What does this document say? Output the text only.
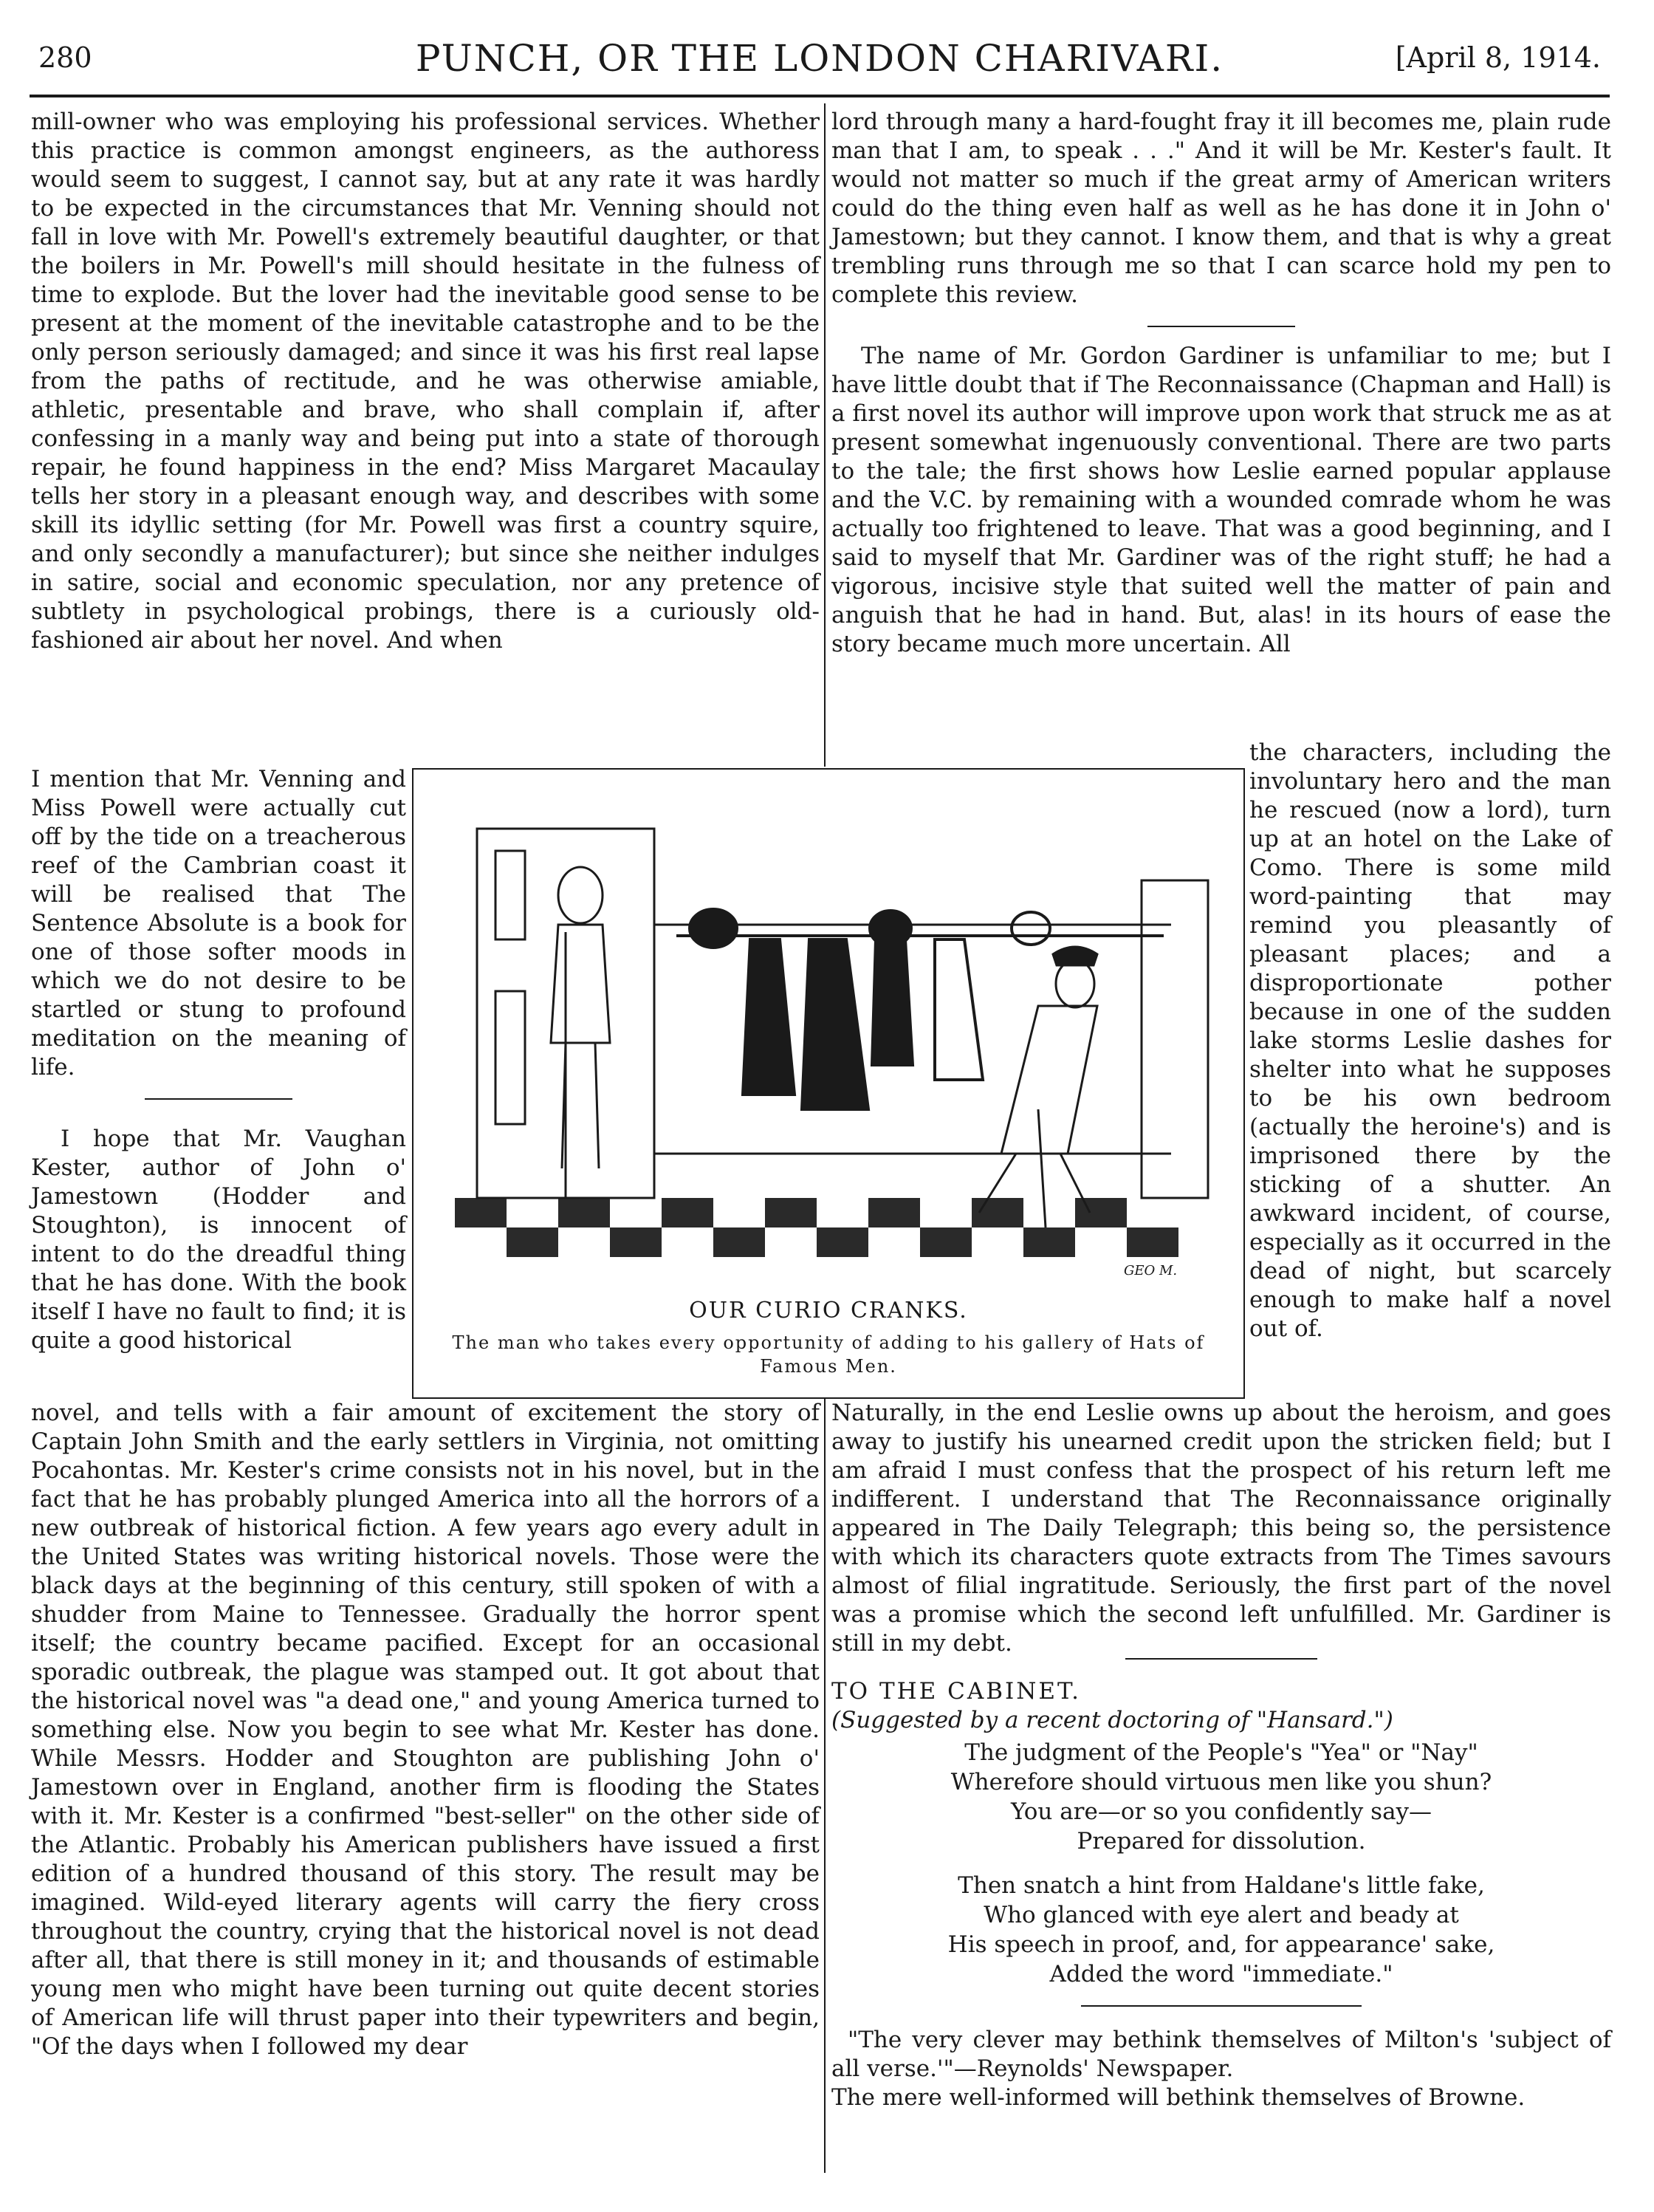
280	PUNCH, OR THE LONDON CHARIVARI.	[April 8, 1914.

mill-owner who was employing his professional services. Whether this practice is common amongst engineers, as the authoress would seem to suggest, I cannot say, but at any rate it was hardly to be expected in the circumstances that Mr. Venning should not fall in love with Mr. Powell's extremely beautiful daughter, or that the boilers in Mr. Powell's mill should hesitate in the fulness of time to explode. But the lover had the inevitable good sense to be present at the moment of the inevitable catastrophe and to be the only person seriously damaged; and since it was his first real lapse from the paths of rectitude, and he was otherwise amiable, athletic, presentable and brave, who shall complain if, after confessing in a manly way and being put into a state of thorough repair, he found happiness in the end? Miss Margaret Macaulay tells her story in a pleasant enough way, and describes with some skill its idyllic setting (for Mr. Powell was first a country squire, and only secondly a manufacturer); but since she neither indulges in satire, social and economic speculation, nor any pretence of subtlety in psychological probings, there is a curiously old-fashioned air about her novel. And when

I mention that Mr. Venning and Miss Powell were actually cut off by the tide on a treacherous reef of the Cambrian coast it will be realised that The Sentence Absolute is a book for one of those softer moods in which we do not desire to be startled or stung to profound meditation on the meaning of life.

I hope that Mr. Vaughan Kester, author of John o' Jamestown (Hodder and Stoughton), is innocent of intent to do the dreadful thing that he has done. With the book itself I have no fault to find; it is quite a good historical

novel, and tells with a fair amount of excitement the story of Captain John Smith and the early settlers in Virginia, not omitting Pocahontas. Mr. Kester's crime consists not in his novel, but in the fact that he has probably plunged America into all the horrors of a new outbreak of historical fiction. A few years ago every adult in the United States was writing historical novels. Those were the black days at the beginning of this century, still spoken of with a shudder from Maine to Tennessee. Gradually the horror spent itself; the country became pacified. Except for an occasional sporadic outbreak, the plague was stamped out. It got about that the historical novel was "a dead one," and young America turned to something else. Now you begin to see what Mr. Kester has done. While Messrs. Hodder and Stoughton are publishing John o' Jamestown over in England, another firm is flooding the States with it. Mr. Kester is a confirmed "best-seller" on the other side of the Atlantic. Probably his American publishers have issued a first edition of a hundred thousand of this story. The result may be imagined. Wild-eyed literary agents will carry the fiery cross throughout the country, crying that the historical novel is not dead after all, that there is still money in it; and thousands of estimable young men who might have been turning out quite decent stories of American life will thrust paper into their typewriters and begin, "Of the days when I followed my dear

lord through many a hard-fought fray it ill becomes me, plain rude man that I am, to speak . . ." And it will be Mr. Kester's fault. It would not matter so much if the great army of American writers could do the thing even half as well as he has done it in John o' Jamestown; but they cannot. I know them, and that is why a great trembling runs through me so that I can scarce hold my pen to complete this review.

The name of Mr. Gordon Gardiner is unfamiliar to me; but I have little doubt that if The Reconnaissance (Chapman and Hall) is a first novel its author will improve upon work that struck me as at present somewhat ingenuously conventional. There are two parts to the tale; the first shows how Leslie earned popular applause and the V.C. by remaining with a wounded comrade whom he was actually too frightened to leave. That was a good beginning, and I said to myself that Mr. Gardiner was of the right stuff; he had a vigorous, incisive style that suited well the matter of pain and anguish that he had in hand. But, alas! in its hours of ease the story became much more uncertain. All

the characters, including the involuntary hero and the man he rescued (now a lord), turn up at an hotel on the Lake of Como. There is some mild word-painting that may remind you pleasantly of pleasant places; and a disproportionate pother because in one of the sudden lake storms Leslie dashes for shelter into what he supposes to be his own bedroom (actually the heroine's) and is imprisoned there by the sticking of a shutter. An awkward incident, of course, especially as it occurred in the dead of night, but scarcely enough to make half a novel out of.

Naturally, in the end Leslie owns up about the heroism, and goes away to justify his unearned credit upon the stricken field; but I am afraid I must confess that the prospect of his return left me indifferent. I understand that The Reconnaissance originally appeared in The Daily Telegraph; this being so, the persistence with which its characters quote extracts from The Times savours almost of filial ingratitude. Seriously, the first part of the novel was a promise which the second left unfulfilled. Mr. Gardiner is still in my debt.

GEO M.
OUR CURIO CRANKS.
The man who takes every opportunity of adding to his gallery of Hats of Famous Men.

TO THE CABINET.

(Suggested by a recent doctoring of "Hansard.")

The judgment of the People's "Yea" or "Nay"
Wherefore should virtuous men like you shun?
You are—or so you confidently say—
Prepared for dissolution.
Then snatch a hint from Haldane's little fake,
Who glanced with eye alert and beady at
His speech in proof, and, for appearance' sake,
Added the word "immediate."

"The very clever may bethink themselves of Milton's 'subject of all verse.'"—Reynolds' Newspaper.

The mere well-informed will bethink themselves of Browne.
